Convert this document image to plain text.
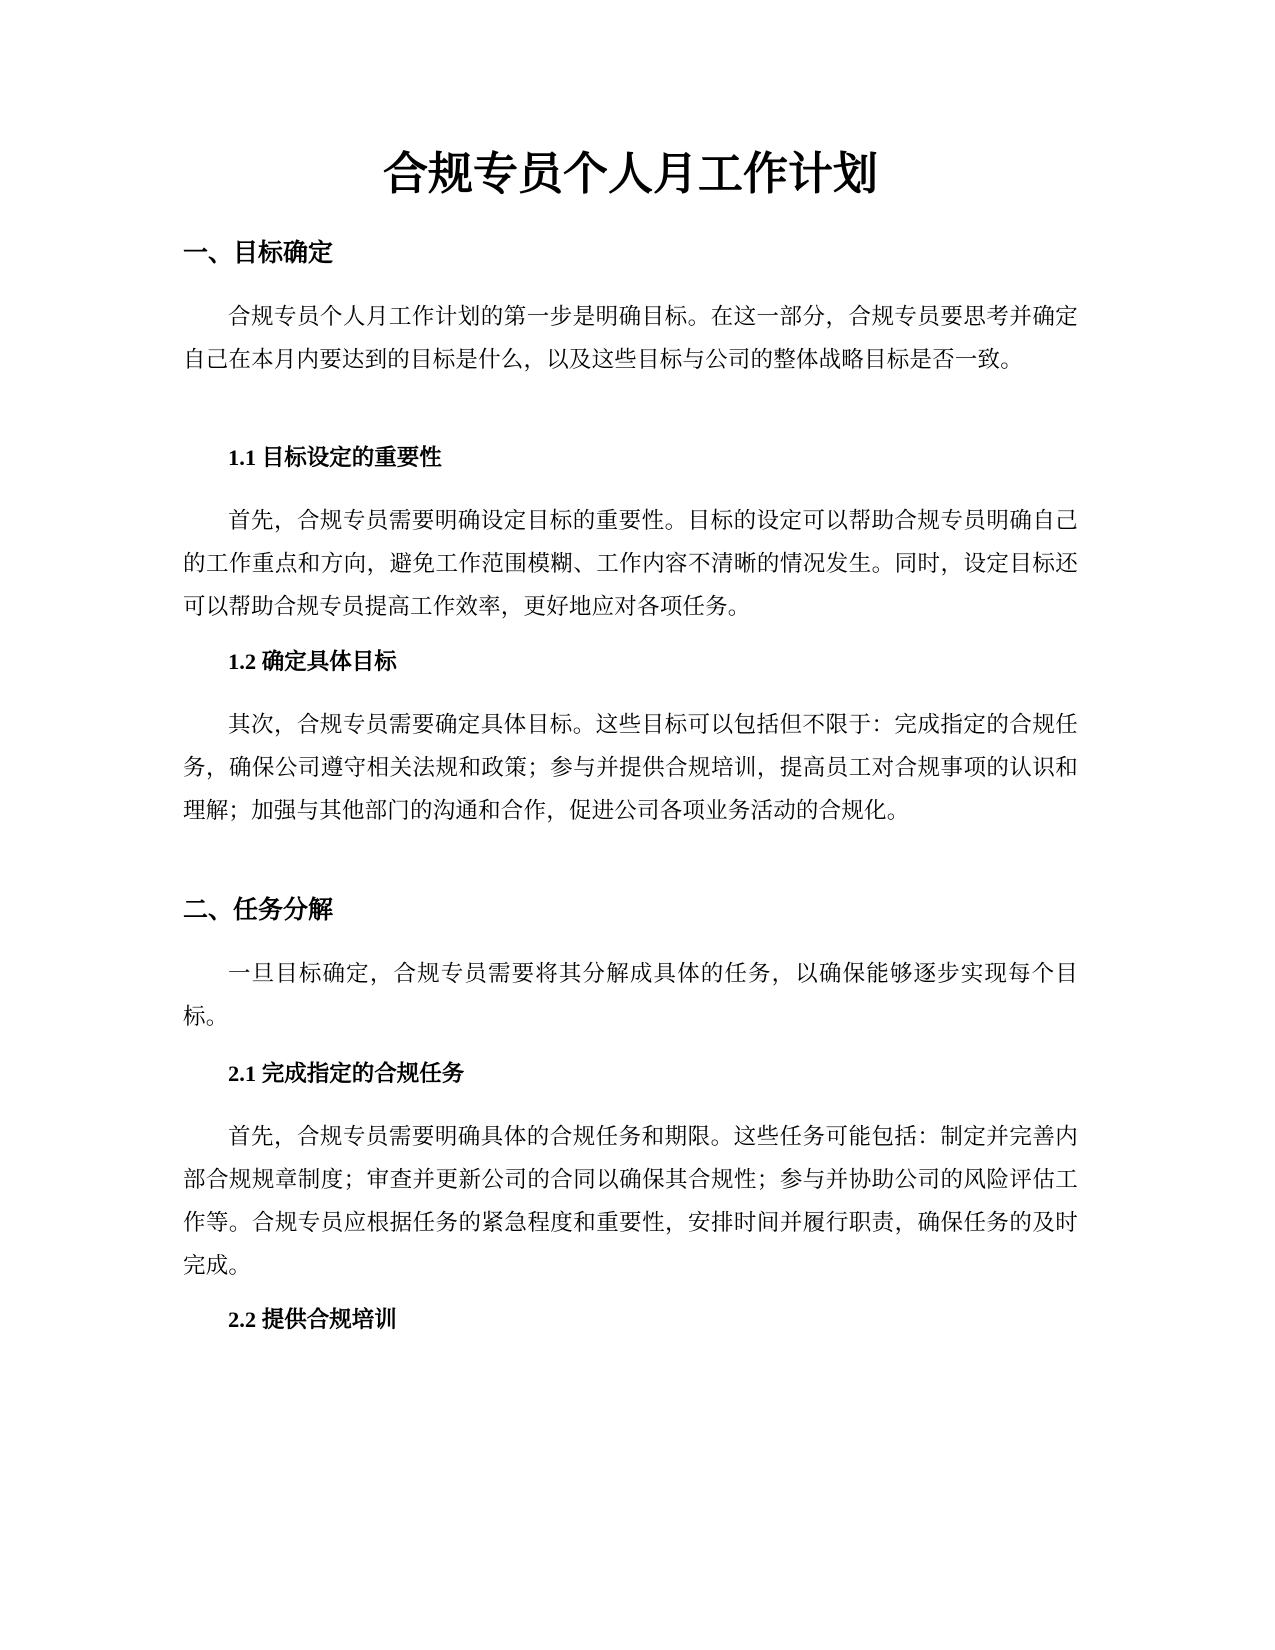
合规专员个人月工作计划
一、目标确定

合规专员个人月工作计划的第一步是明确目标。在这一部分，合规专员要思考并确定自己在本月内要达到的目标是什么，以及这些目标与公司的整体战略目标是否一致。

1.1 目标设定的重要性

首先，合规专员需要明确设定目标的重要性。目标的设定可以帮助合规专员明确自己的工作重点和方向，避免工作范围模糊、工作内容不清晰的情况发生。同时，设定目标还可以帮助合规专员提高工作效率，更好地应对各项任务。

1.2 确定具体目标

其次，合规专员需要确定具体目标。这些目标可以包括但不限于：完成指定的合规任务，确保公司遵守相关法规和政策；参与并提供合规培训，提高员工对合规事项的认识和理解；加强与其他部门的沟通和合作，促进公司各项业务活动的合规化。

二、任务分解

一旦目标确定，合规专员需要将其分解成具体的任务，以确保能够逐步实现每个目标。

2.1 完成指定的合规任务

首先，合规专员需要明确具体的合规任务和期限。这些任务可能包括：制定并完善内部合规规章制度；审查并更新公司的合同以确保其合规性；参与并协助公司的风险评估工作等。合规专员应根据任务的紧急程度和重要性，安排时间并履行职责，确保任务的及时完成。

2.2 提供合规培训
